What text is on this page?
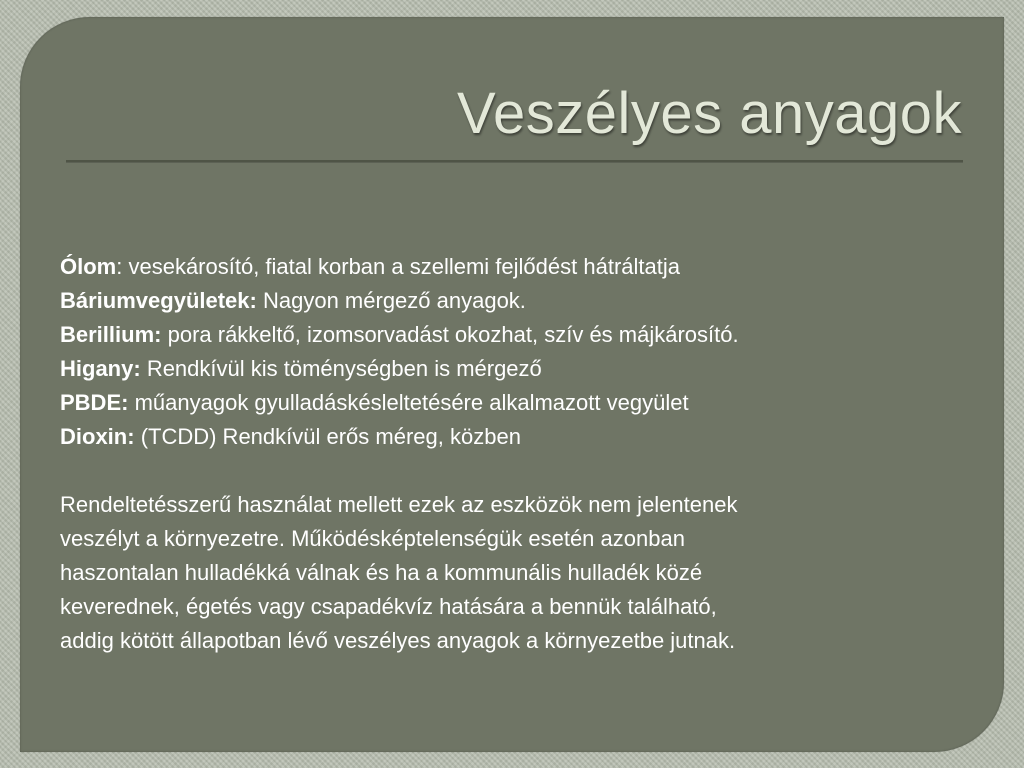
Veszélyes anyagok
Ólom: vesekárosító, fiatal korban a szellemi fejlődést hátráltatja
Báriumvegyületek: Nagyon mérgező anyagok.
Berillium: pora rákkeltő, izomsorvadást okozhat, szív és májkárosító.
Higany: Rendkívül kis töménységben is mérgező
PBDE: műanyagok gyulladáskésleltetésére alkalmazott vegyület
Dioxin: (TCDD) Rendkívül erős méreg, közben
Rendeltetésszerű használat mellett ezek az eszközök nem jelentenek
veszélyt a környezetre. Működésképtelenségük esetén azonban
haszontalan hulladékká válnak és ha a kommunális hulladék közé
keverednek, égetés vagy csapadékvíz hatására a bennük található,
addig kötött állapotban lévő veszélyes anyagok a környezetbe jutnak.
